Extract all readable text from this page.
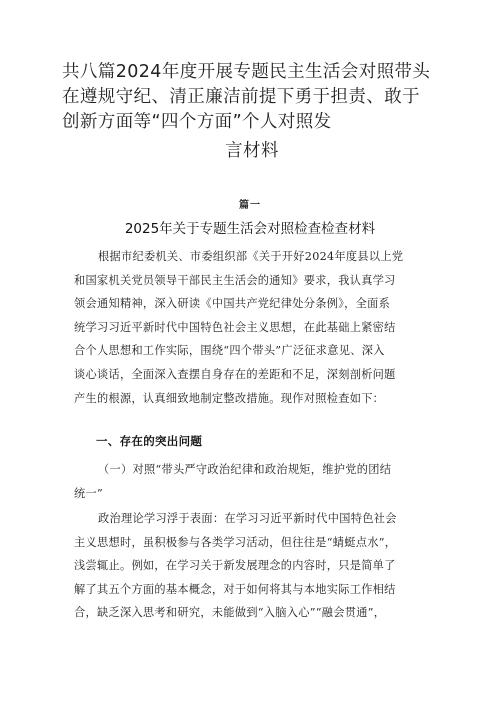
共八篇2024年度开展专题民主生活会对照带头
在遵规守纪、清正廉洁前提下勇于担责、敢于
创新方面等“四个方面”个人对照发
言材料
篇一
2025年关于专题生活会对照检查检查材料
根据市纪委机关、市委组织部《关于开好2024年度县以上党
和国家机关党员领导干部民主生活会的通知》要求，我认真学习
领会通知精神，深入研读《中国共产党纪律处分条例》，全面系
统学习习近平新时代中国特色社会主义思想，在此基础上紧密结
合个人思想和工作实际，围绕“四个带头”广泛征求意见、深入
谈心谈话，全面深入查摆自身存在的差距和不足，深刻剖析问题
产生的根源，认真细致地制定整改措施。现作对照检查如下：
一、存在的突出问题
（一）对照“带头严守政治纪律和政治规矩，维护党的团结
统一”
政治理论学习浮于表面：在学习习近平新时代中国特色社会
主义思想时，虽积极参与各类学习活动，但往往是“蜻蜓点水”，
浅尝辄止。例如，在学习关于新发展理念的内容时，只是简单了
解了其五个方面的基本概念，对于如何将其与本地实际工作相结
合，缺乏深入思考和研究，未能做到“入脑入心”“融会贯通”，
